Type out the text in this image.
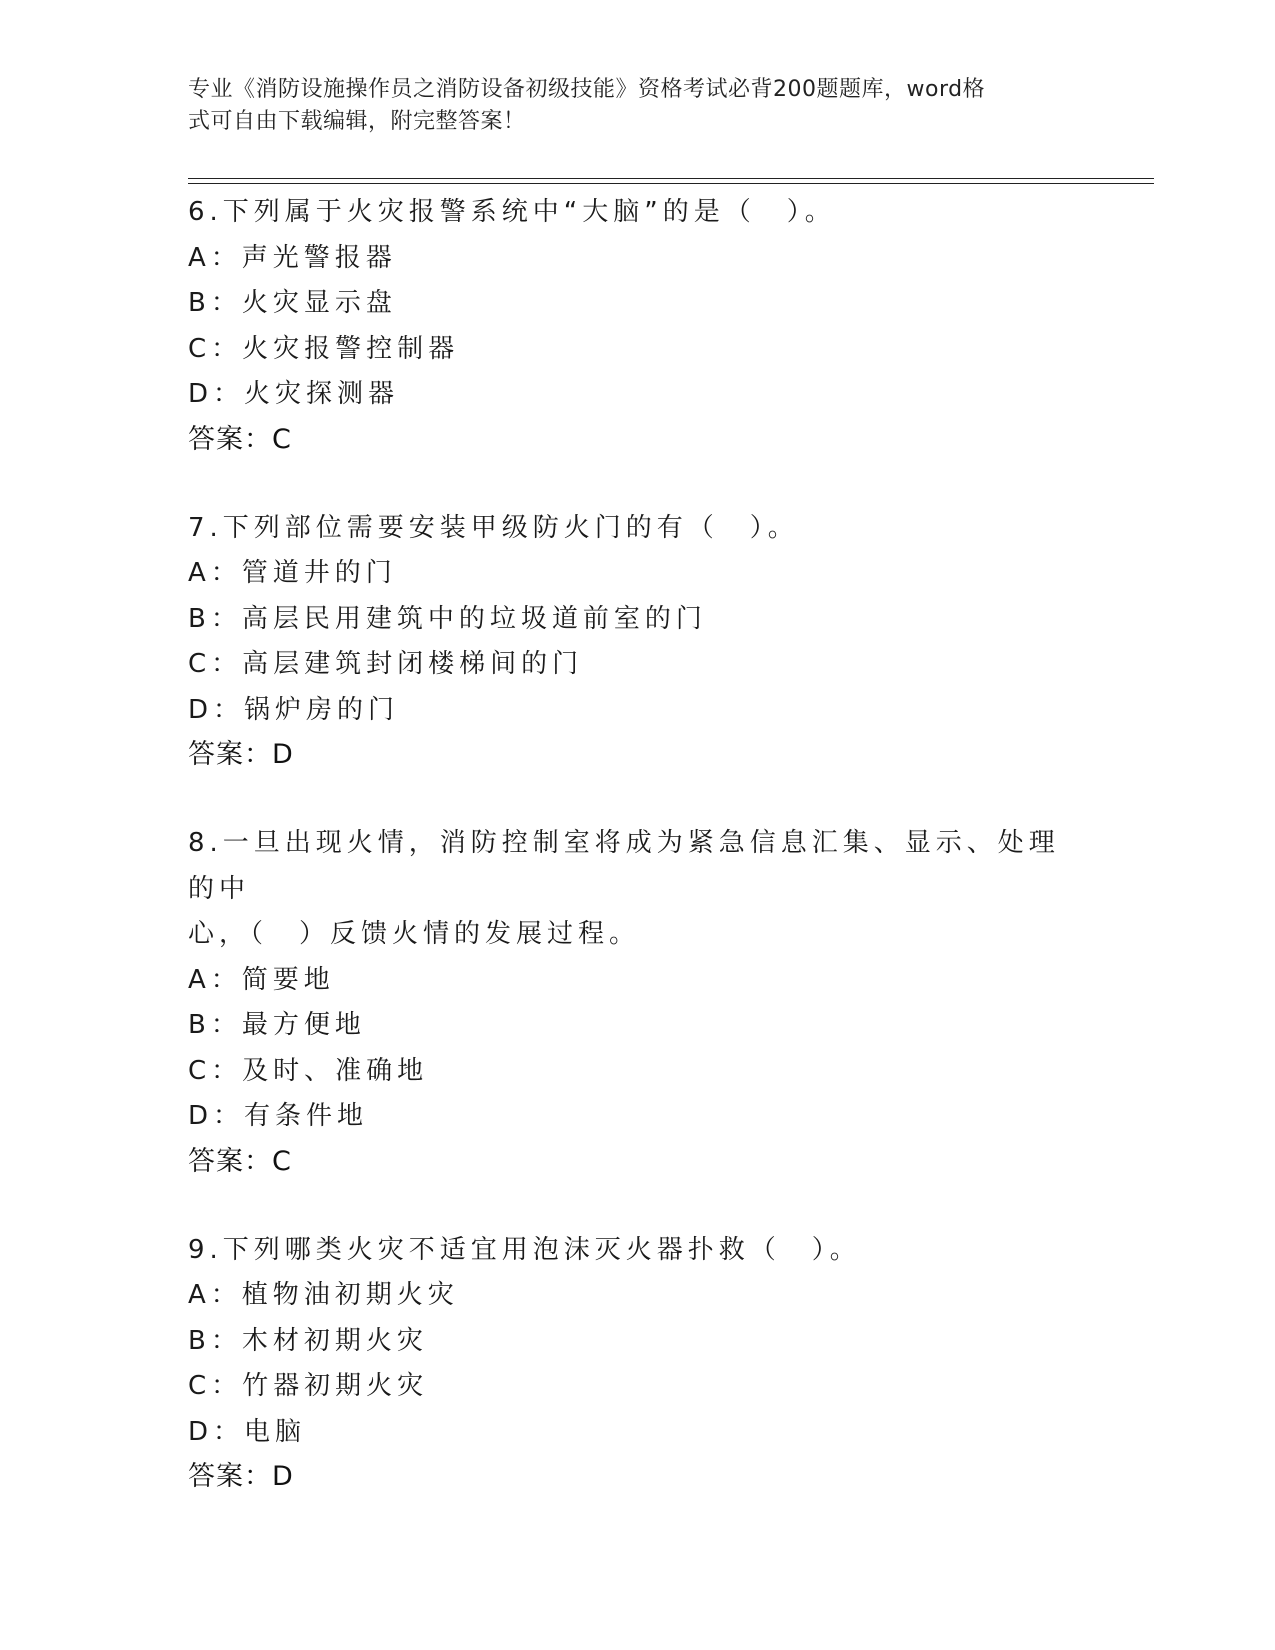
专业《消防设施操作员之消防设备初级技能》资格考试必背200题题库，word格
式可自由下载编辑，附完整答案！
6.下列属于火灾报警系统中“大脑”的是（　）。
A：声光警报器
B：火灾显示盘
C：火灾报警控制器
D：火灾探测器
答案：C
7.下列部位需要安装甲级防火门的有（　）。
A：管道井的门
B：高层民用建筑中的垃圾道前室的门
C：高层建筑封闭楼梯间的门
D：锅炉房的门
答案：D
8.一旦出现火情，消防控制室将成为紧急信息汇集、显示、处理的中
心，（　）反馈火情的发展过程。
A：简要地
B：最方便地
C：及时、准确地
D：有条件地
答案：C
9.下列哪类火灾不适宜用泡沫灭火器扑救（　）。
A：植物油初期火灾
B：木材初期火灾
C：竹器初期火灾
D：电脑
答案：D
